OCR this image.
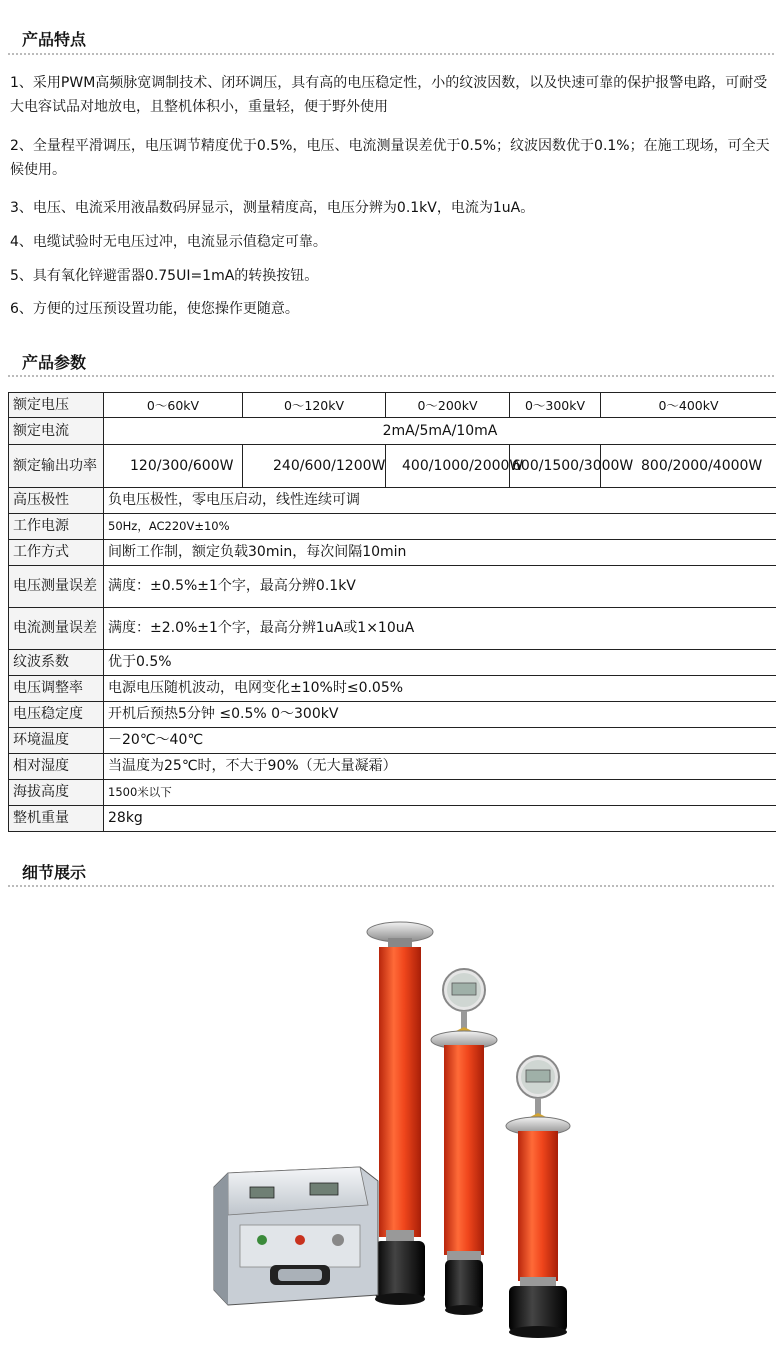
产品特点
1、采用PWM高频脉宽调制技术、闭环调压，具有高的电压稳定性，小的纹波因数，以及快速可靠的保护报警电路，可耐受大电容试品对地放电，且整机体积小，重量轻，便于野外使用
2、全量程平滑调压，电压调节精度优于0.5%，电压、电流测量误差优于0.5%；纹波因数优于0.1%；在施工现场，可全天候使用。
3、电压、电流采用液晶数码屏显示，测量精度高，电压分辨为0.1kV，电流为1uA。
4、电缆试验时无电压过冲，电流显示值稳定可靠。
5、具有氧化锌避雷器0.75UI=1mA的转换按钮。
6、方便的过压预设置功能，使您操作更随意。
产品参数
额定电压	0～60kV	0～120kV	0～200kV	0～300kV	0～400kV
额定电流	2mA/5mA/10mA				
额定输出功率	120/300/600W	240/600/1200W	400/1000/2000W	600/1500/3000W	800/2000/4000W
高压极性	负电压极性，零电压启动，线性连续可调				
工作电源	50Hz，AC220V±10%				
工作方式	间断工作制，额定负载30min，每次间隔10min				
电压测量误差	满度：±0.5%±1个字，最高分辨0.1kV				
电流测量误差	满度：±2.0%±1个字，最高分辨1uA或1×10uA				
纹波系数	优于0.5%				
电压调整率	电源电压随机波动，电网变化±10%时≤0.05%				
电压稳定度	开机后预热5分钟 ≤0.5% 0～300kV				
环境温度	－20℃～40℃				
相对湿度	当温度为25℃时，不大于90%（无大量凝霜）				
海拔高度	1500米以下				
整机重量	28kg				
细节展示
